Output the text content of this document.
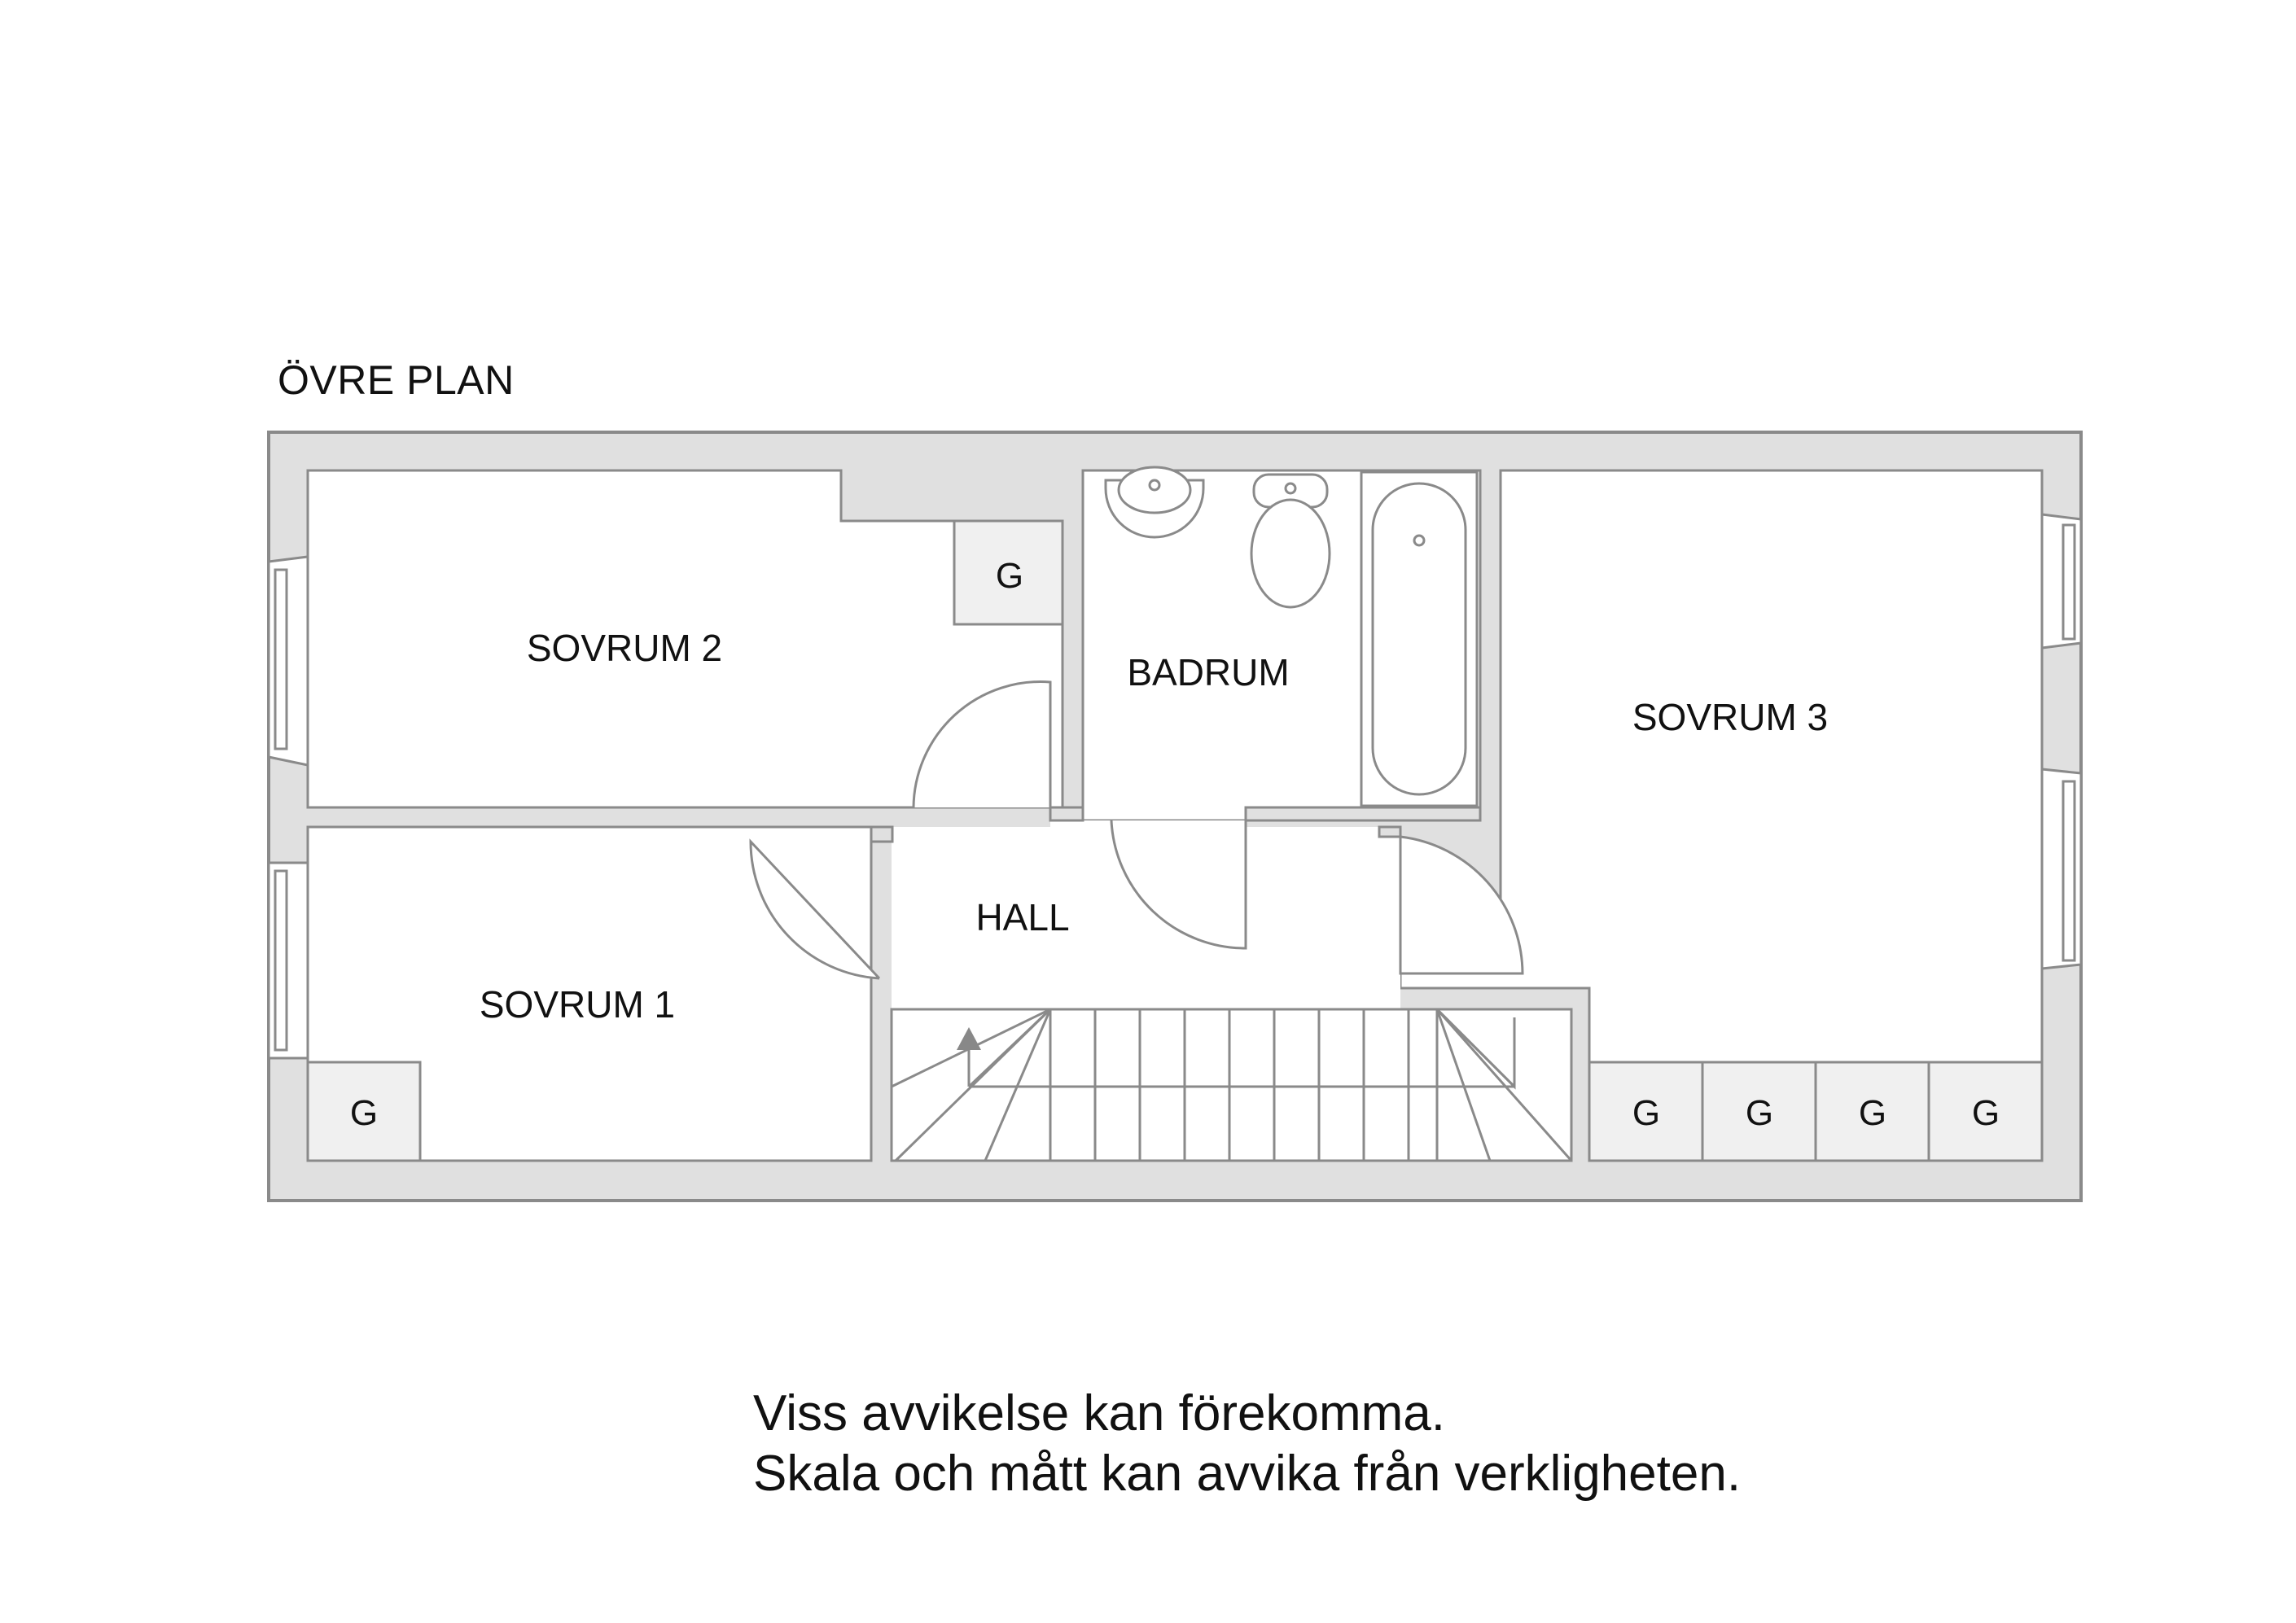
ÖVRE PLAN
G
G	G G G G
SOVRUM 2
SOVRUM 1
SOVRUM 3
BADRUM
HALL
Viss avvikelse kan förekomma.
Skala och mått kan avvika från verkligheten.
